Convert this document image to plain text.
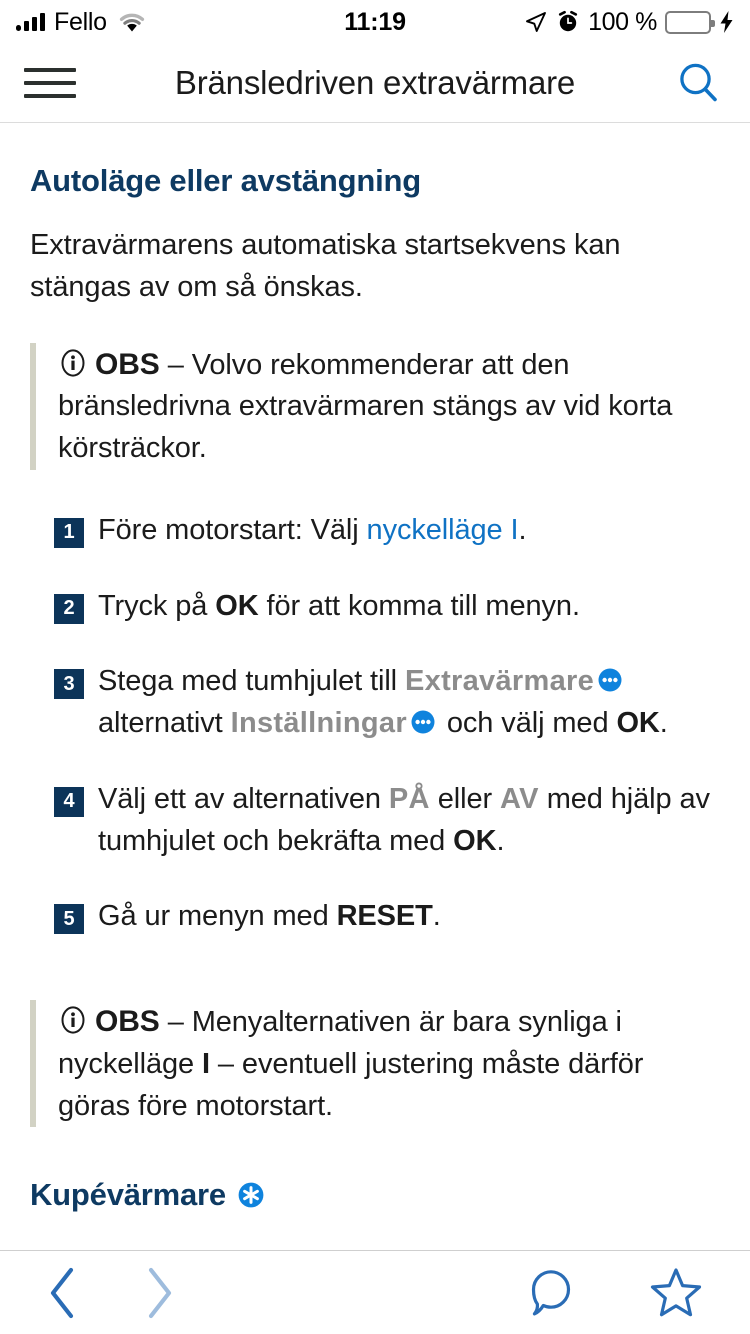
Fello	11:19	100 %
Bränsledriven extravärmare
Autoläge eller avstängning
Extravärmarens automatiska startsekvens kan stängas av om så önskas.
OBS – Volvo rekommenderar att den bränsledrivna extravärmaren stängs av vid korta körsträckor.
1 Före motorstart: Välj nyckelläge I.
2 Tryck på OK för att komma till menyn.
3 Stega med tumhjulet till Extravärmare alternativt Inställningar och välj med OK.
4 Välj ett av alternativen PÅ eller AV med hjälp av tumhjulet och bekräfta med OK.
5 Gå ur menyn med RESET.
OBS – Menyalternativen är bara synliga i nyckelläge I – eventuell justering måste därför göras före motorstart.
Kupévärmare
